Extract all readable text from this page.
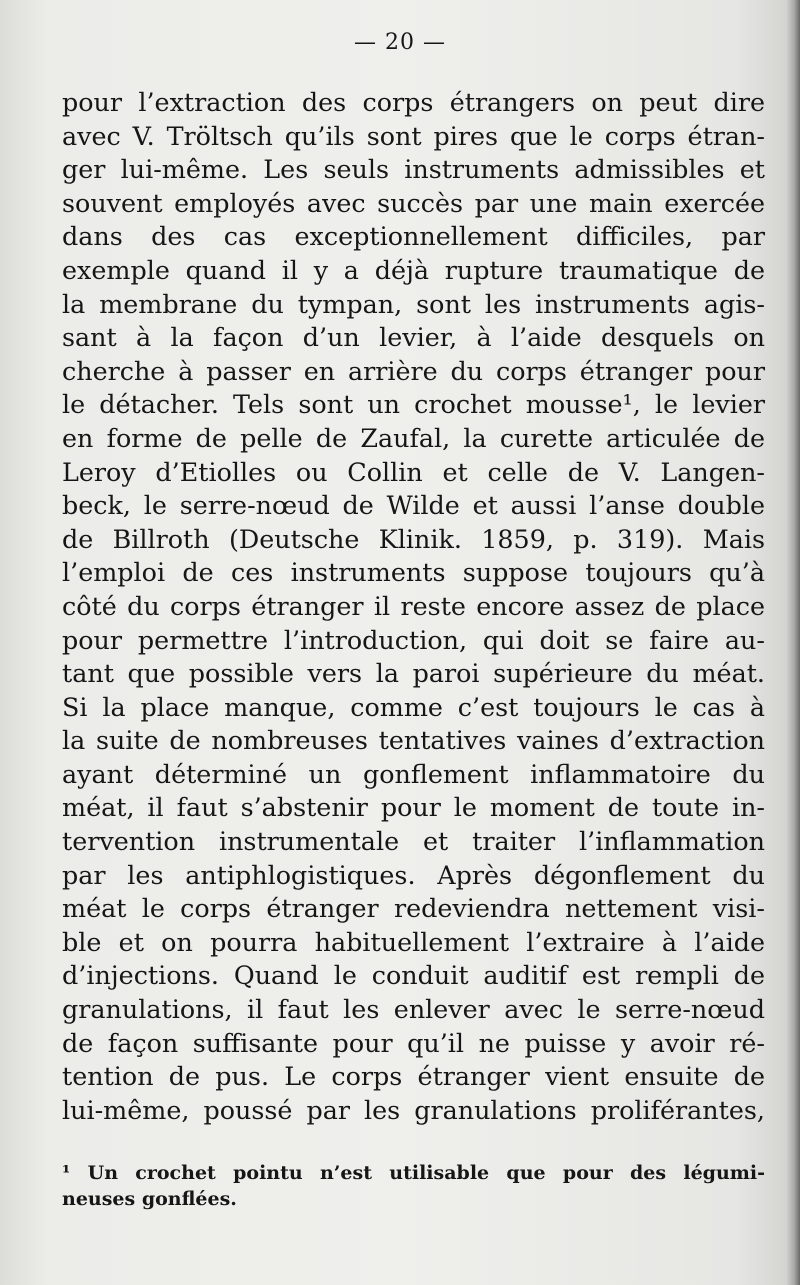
— 20 —
pour l’extraction des corps étrangers on peut dire
avec V. Tröltsch qu’ils sont pires que le corps étran-
ger lui-même. Les seuls instruments admissibles et
souvent employés avec succès par une main exercée
dans des cas exceptionnellement difficiles, par
exemple quand il y a déjà rupture traumatique de
la membrane du tympan, sont les instruments agis-
sant à la façon d’un levier, à l’aide desquels on
cherche à passer en arrière du corps étranger pour
le détacher. Tels sont un crochet mousse¹, le levier
en forme de pelle de Zaufal, la curette articulée de
Leroy d’Etiolles ou Collin et celle de V. Langen-
beck, le serre-nœud de Wilde et aussi l’anse double
de Billroth (Deutsche Klinik. 1859, p. 319). Mais
l’emploi de ces instruments suppose toujours qu’à
côté du corps étranger il reste encore assez de place
pour permettre l’introduction, qui doit se faire au-
tant que possible vers la paroi supérieure du méat.
Si la place manque, comme c’est toujours le cas à
la suite de nombreuses tentatives vaines d’extraction
ayant déterminé un gonflement inflammatoire du
méat, il faut s’abstenir pour le moment de toute in-
tervention instrumentale et traiter l’inflammation
par les antiphlogistiques. Après dégonflement du
méat le corps étranger redeviendra nettement visi-
ble et on pourra habituellement l’extraire à l’aide
d’injections. Quand le conduit auditif est rempli de
granulations, il faut les enlever avec le serre-nœud
de façon suffisante pour qu’il ne puisse y avoir ré-
tention de pus. Le corps étranger vient ensuite de
lui-même, poussé par les granulations proliférantes,
¹ Un crochet pointu n’est utilisable que pour des légumi-
neuses gonflées.
